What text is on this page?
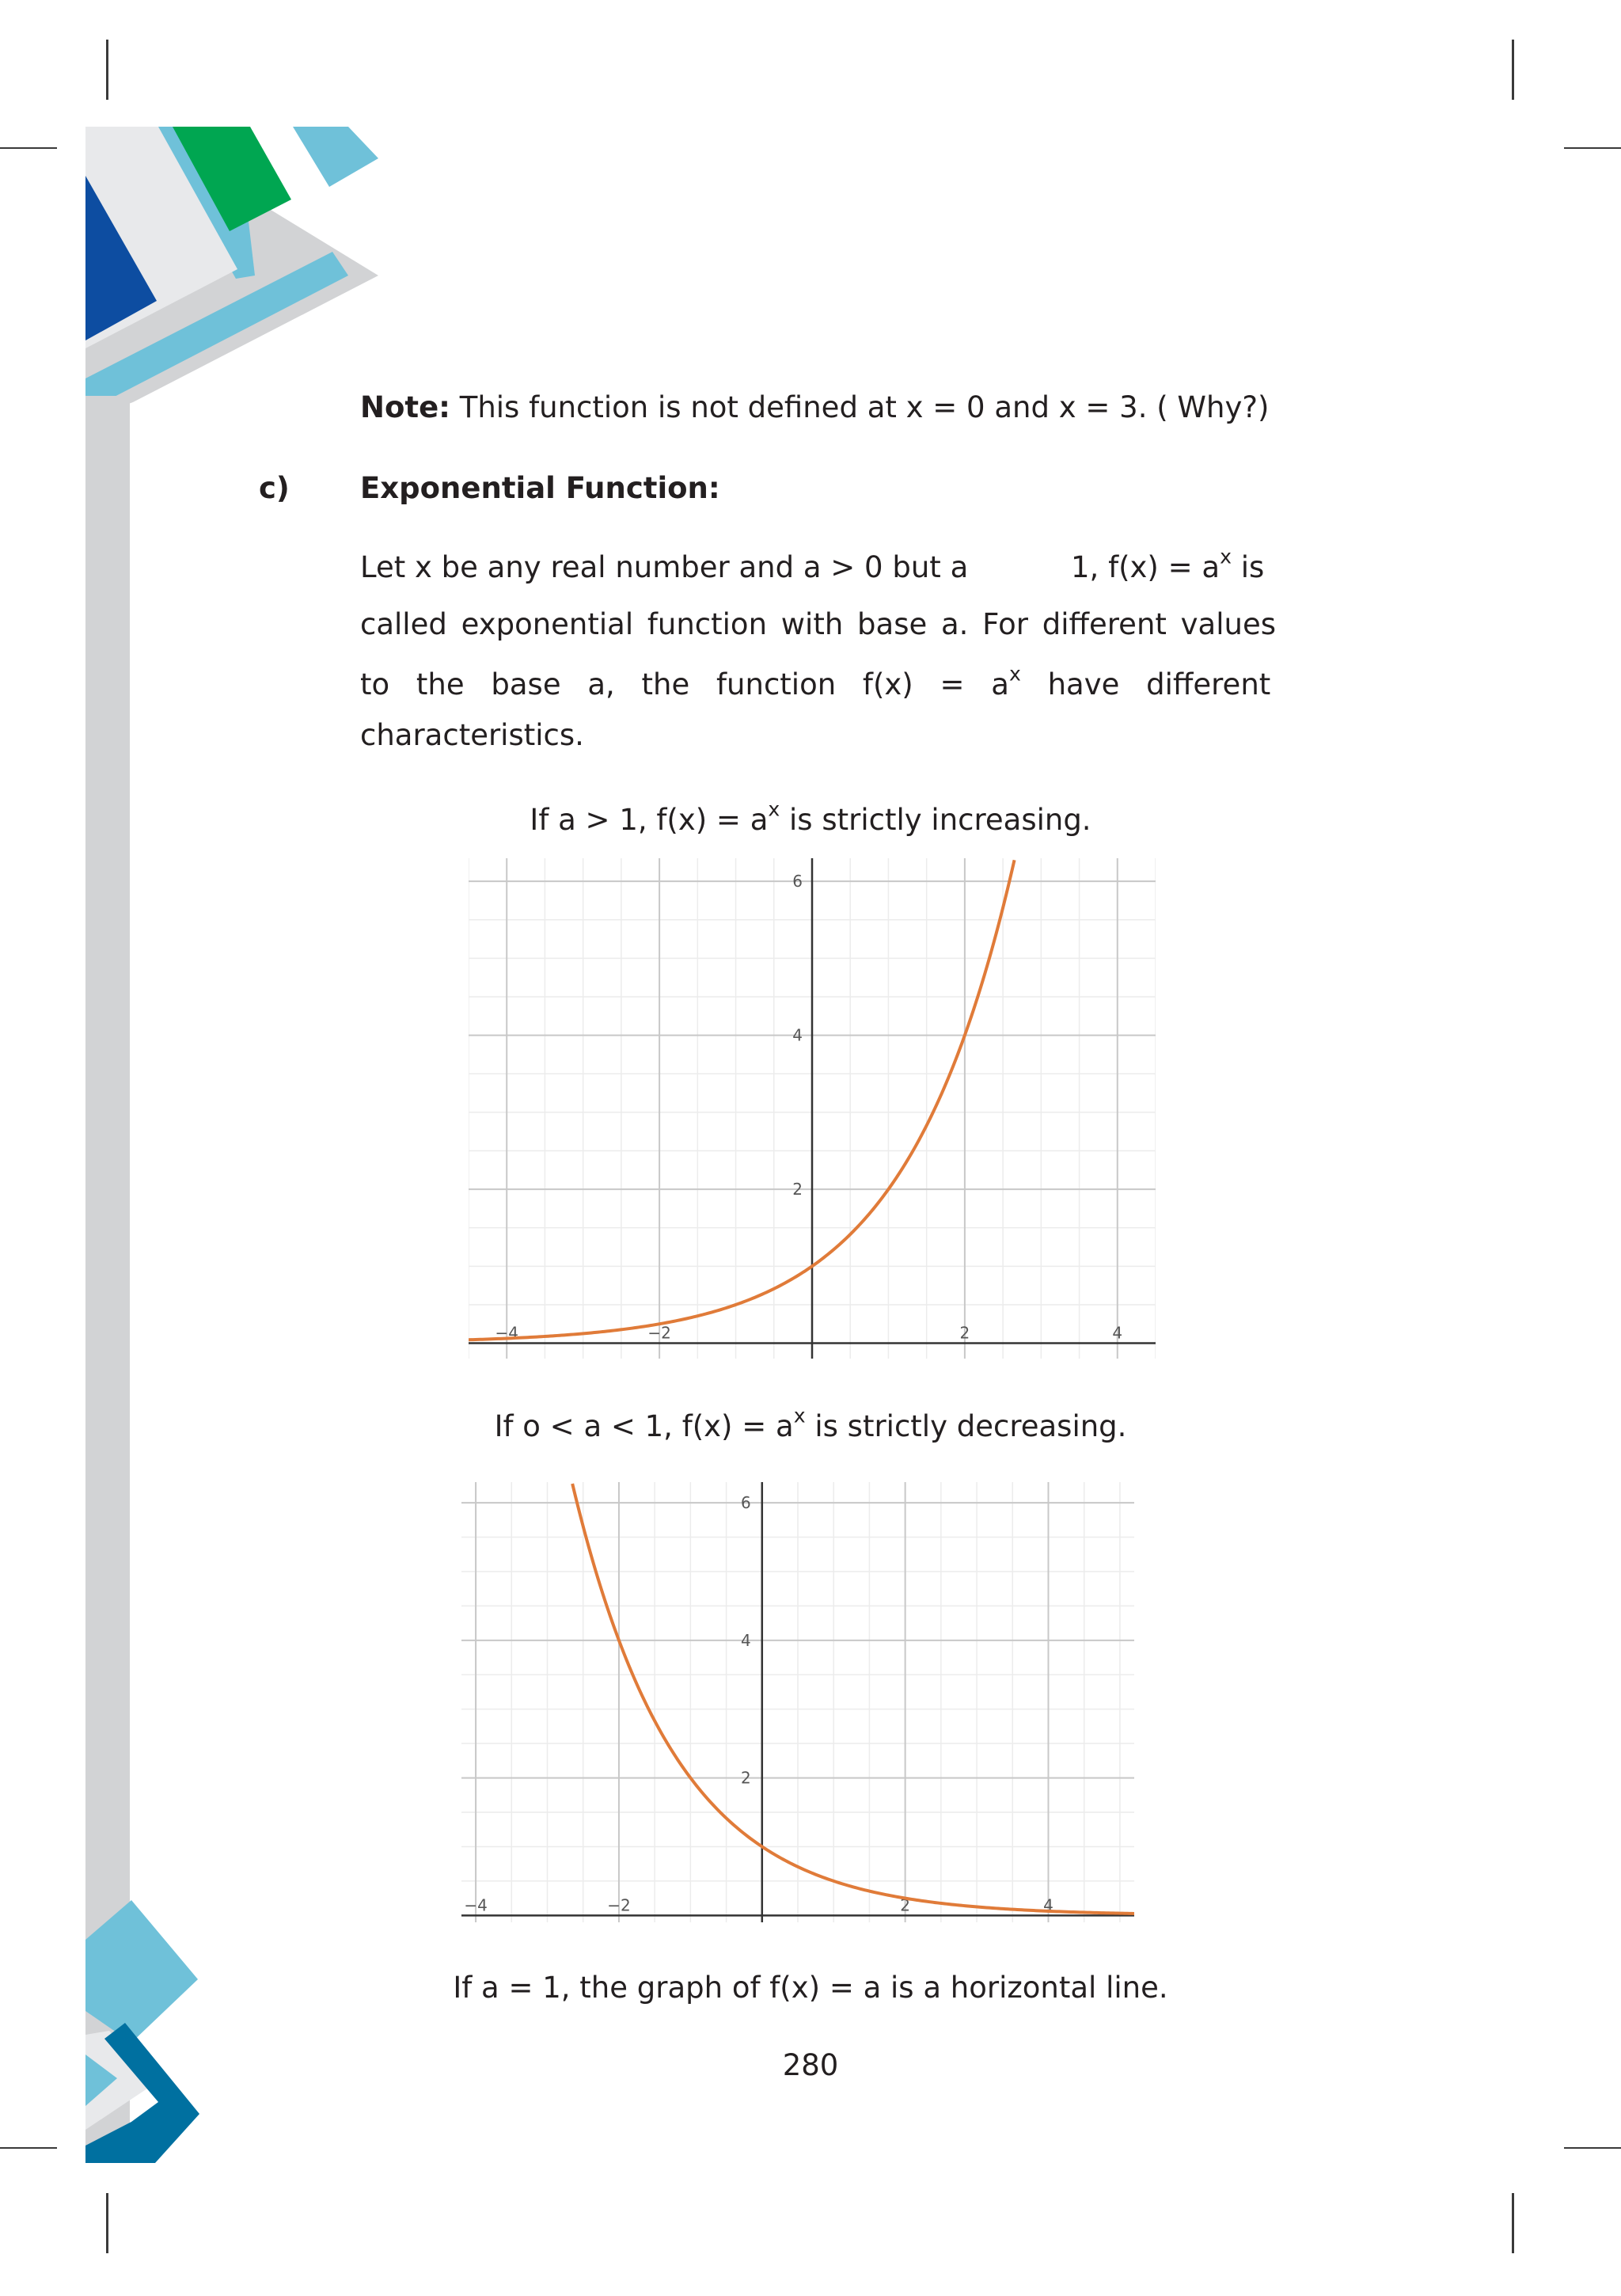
Note: This function is not defined at x = 0 and x = 3. ( Why?)
c) Exponential Function:
Let x be any real number and a > 0 but a	1, $f(x) = a^x$ is
called exponential function with base a. For different values
to the base a, the function $f(x) = a^x$ have different
characteristics.
If a > 1, $f(x) = a^x$ is strictly increasing.
−4	−2	2	4
2
4
6
If o < a < 1, $f(x) = a^x$ is strictly decreasing.
−4	−2	2	4
2
4
6
If a = 1, the graph of f(x) = a is a horizontal line.
280
